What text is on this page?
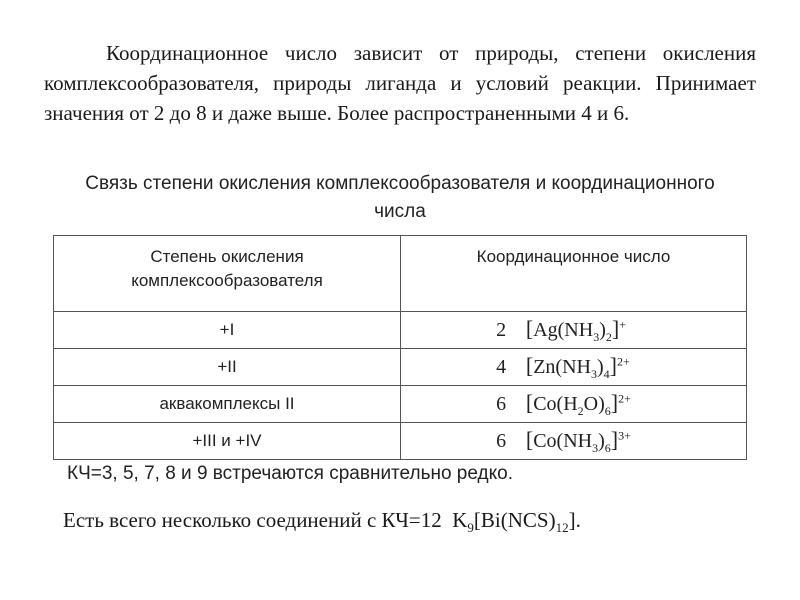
Координационное число зависит от природы, степени окисления комплексообразователя, природы лиганда и условий реакции. Принимает значения от 2 до 8 и даже выше. Более распространенными 4 и 6.
Связь степени окисления комплексообразователя и координационного числа
Степень окисления комплексообразователя	Координационное число
+I	2 $[Ag(NH_3)_2]^+$
+II	4 $[Zn(NH_3)_4]^{2+}$
аквакомплексы II	6 $[Co(H_2O)_6]^{2+}$
+III и +IV	6 $[Co(NH_3)_6]^{3+}$
КЧ=3, 5, 7, 8 и 9 встречаются сравнительно редко.
Есть всего несколько соединений с КЧ=12 $K_9[Bi(NCS)_{12}]$.
